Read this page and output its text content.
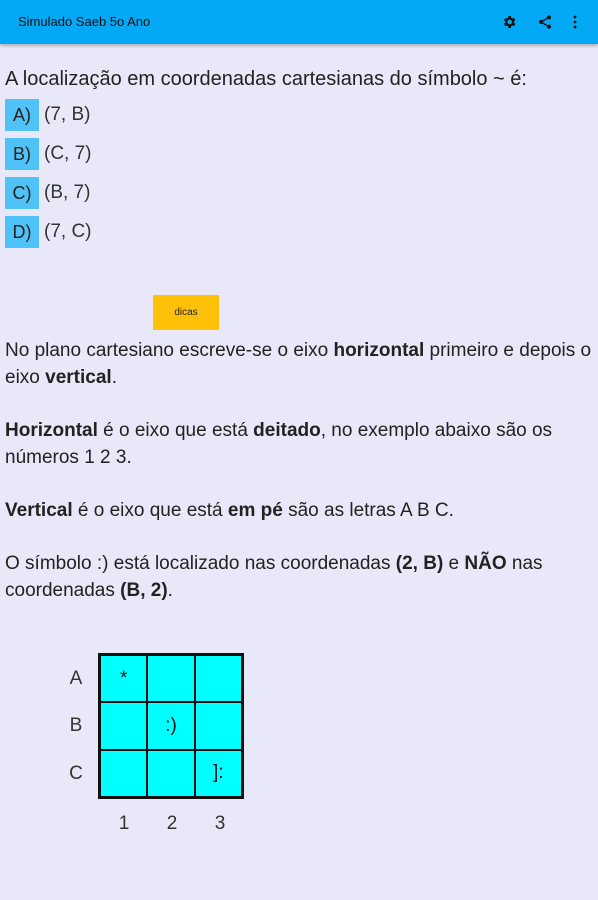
Simulado Saeb 5o Ano
A localização em coordenadas cartesianas do símbolo ~ é:
A) (7, B)
B) (C, 7)
C) (B, 7)
D) (7, C)
dicas
No plano cartesiano escreve-se o eixo horizontal primeiro e depois o eixo vertical.
Horizontal é o eixo que está deitado, no exemplo abaixo são os números 1 2 3.
Vertical é o eixo que está em pé são as letras A B C.
O símbolo :) está localizado nas coordenadas (2, B) e NÃO nas coordenadas (B, 2).
A
B
C
*
:)
]:
1 2 3
